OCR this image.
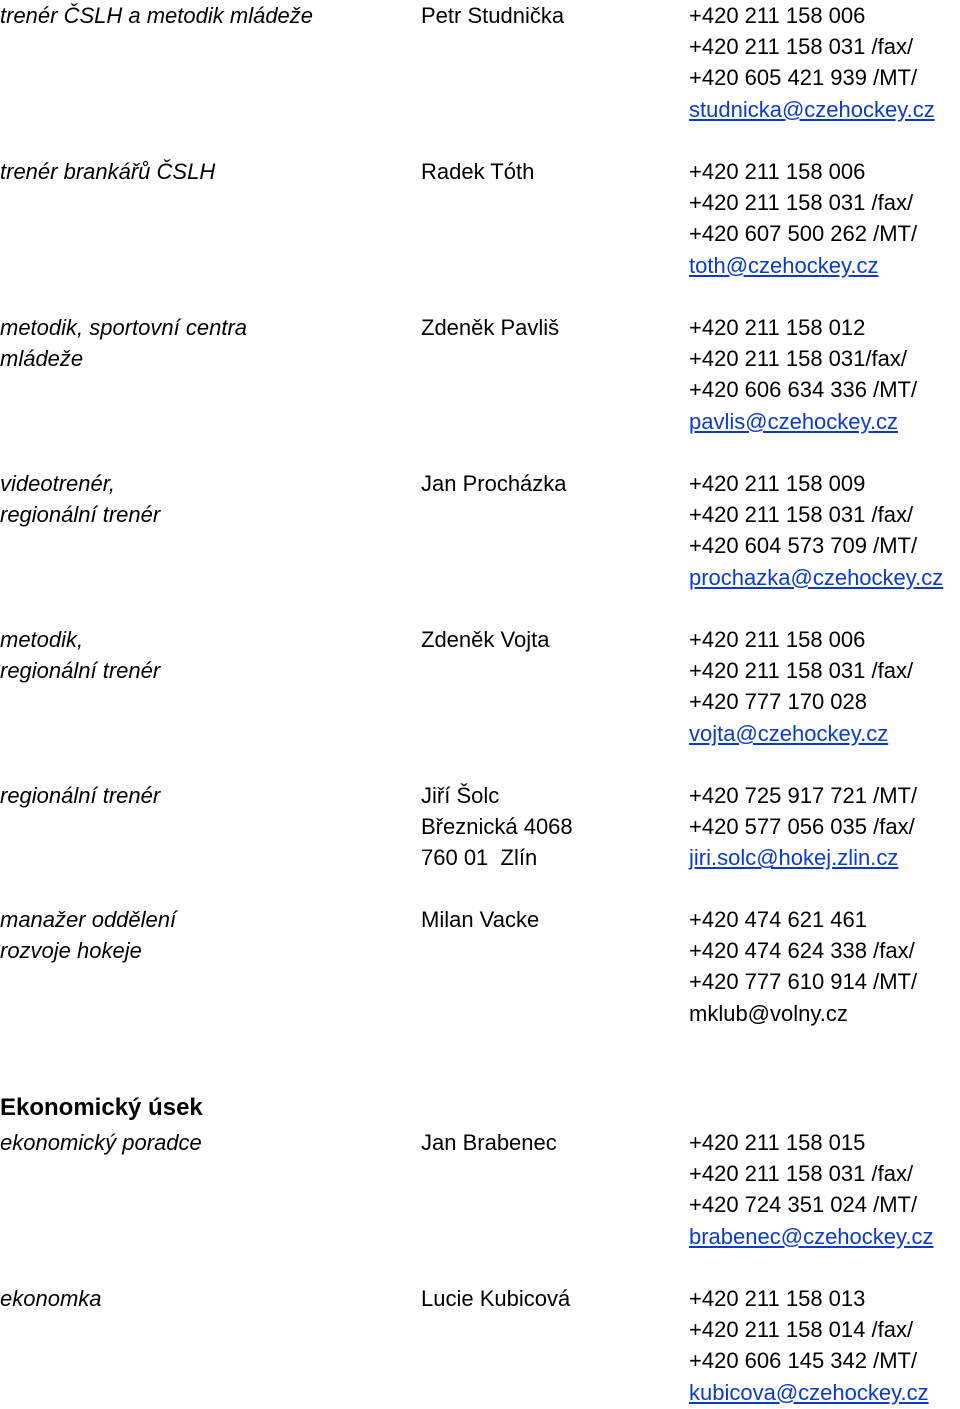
trenér ČSLH a metodik mládeže	Petr Studnička	+420 211 158 006
+420 211 158 031 /fax/
+420 605 421 939 /MT/
studnicka@czehockey.cz
trenér brankářů ČSLH	Radek Tóth	+420 211 158 006
+420 211 158 031 /fax/
+420 607 500 262 /MT/
toth@czehockey.cz
metodik, sportovní centra
mládeže
Zdeněk Pavliš	+420 211 158 012
+420 211 158 031/fax/
+420 606 634 336 /MT/
pavlis@czehockey.cz
videotrenér,
regionální trenér
Jan Procházka	+420 211 158 009
+420 211 158 031 /fax/
+420 604 573 709 /MT/
prochazka@czehockey.cz
metodik,
regionální trenér
Zdeněk Vojta	+420 211 158 006
+420 211 158 031 /fax/
+420 777 170 028
vojta@czehockey.cz
regionální trenér	Jiří Šolc
Březnická 4068
760 01  Zlín
+420 725 917 721 /MT/
+420 577 056 035 /fax/
jiri.solc@hokej.zlin.cz
manažer oddělení
rozvoje hokeje
Milan Vacke	+420 474 621 461
+420 474 624 338 /fax/
+420 777 610 914 /MT/
mklub@volny.cz
Ekonomický úsek
ekonomický poradce	Jan Brabenec	+420 211 158 015
+420 211 158 031 /fax/
+420 724 351 024 /MT/
brabenec@czehockey.cz
ekonomka	Lucie Kubicová	+420 211 158 013
+420 211 158 014 /fax/
+420 606 145 342 /MT/
kubicova@czehockey.cz
